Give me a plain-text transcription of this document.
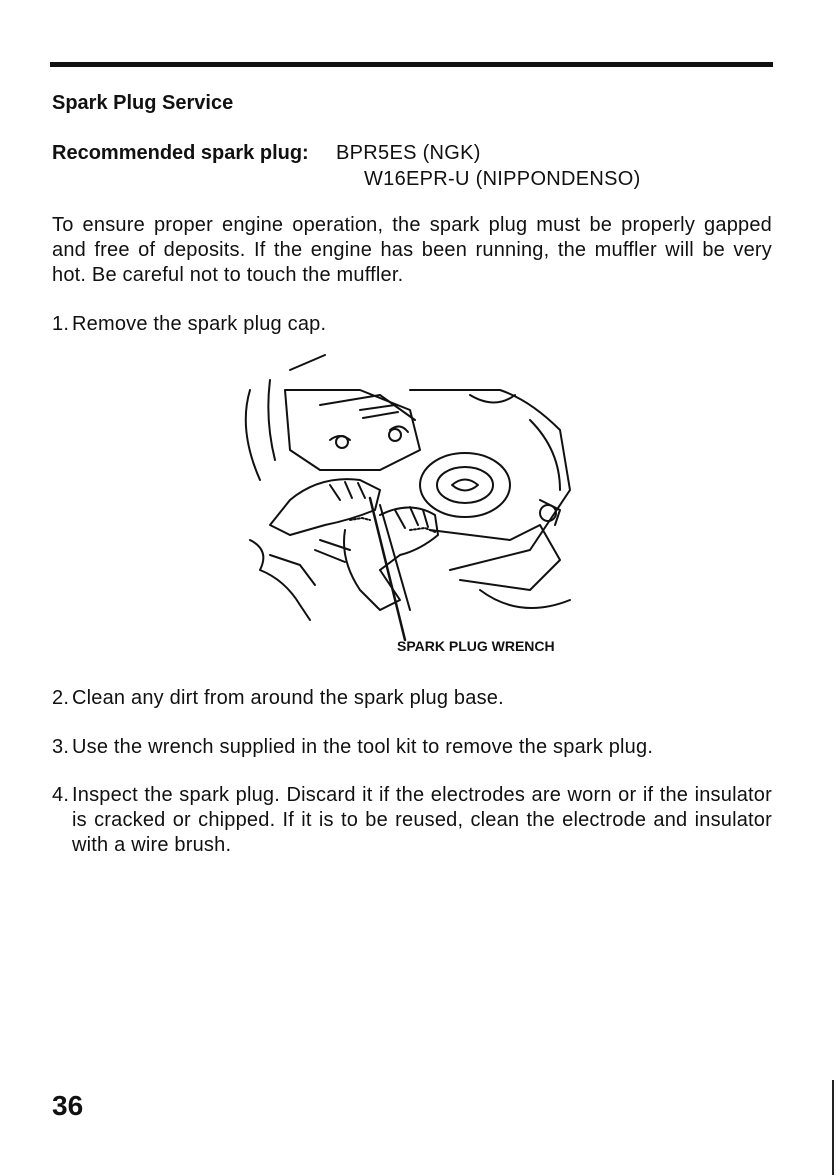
Spark Plug Service
Recommended spark plug: BPR5ES (NGK)
W16EPR-U (NIPPONDENSO)
To ensure proper engine operation, the spark plug must be properly gapped and free of deposits. If the engine has been running, the muffler will be very hot. Be careful not to touch the muffler.
1. Remove the spark plug cap.
SPARK PLUG WRENCH
2. Clean any dirt from around the spark plug base.
3. Use the wrench supplied in the tool kit to remove the spark plug.
4. Inspect the spark plug. Discard it if the electrodes are worn or if the insulator is cracked or chipped. If it is to be reused, clean the electrode and insulator with a wire brush.
36
